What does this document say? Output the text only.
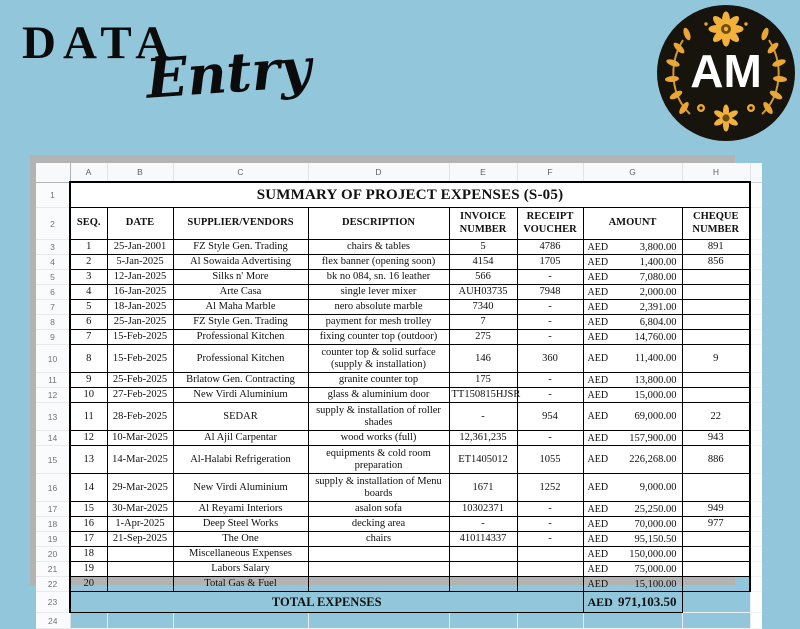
DATA
Entry	AM
	A	B	C	D	E	F	G	H	
1	SUMMARY OF PROJECT EXPENSES (S-05)								
2	SEQ.	DATE	SUPPLIER/VENDORS	DESCRIPTION	INVOICE NUMBER	RECEIPT VOUCHER	AMOUNT	CHEQUE NUMBER	
3	1	25-Jan-2001	FZ Style Gen. Trading	chairs & tables	5	4786	AED 3,800.00	891	
4	2	5-Jan-2025	Al Sowaida Advertising	flex banner (opening soon)	4154	1705	AED 1,400.00	856	
5	3	12-Jan-2025	Silks n' More	bk no 084, sn. 16 leather	566	-	AED 7,080.00		

6	4	16-Jan-2025	Arte Casa	single lever mixer	AUH03735	7948	AED 2,000.00		

7	5	18-Jan-2025	Al Maha Marble	nero absolute marble	7340	-	AED 2,391.00		

8	6	25-Jan-2025	FZ Style Gen. Trading	payment for mesh trolley	7	-	AED 6,804.00		

9	7	15-Feb-2025	Professional Kitchen	fixing counter top (outdoor)	275	-	AED 14,760.00		

10	8	15-Feb-2025	Professional Kitchen	counter top & solid surface (supply & installation)	146	360	AED 11,400.00	9	
11	9	25-Feb-2025	Brlatow Gen. Contracting	granite counter top	175	-	AED 13,800.00		

12	10	27-Feb-2025	New Virdi Aluminium	glass & aluminium door	TT150815HJSR	-	AED 15,000.00		

13	11	28-Feb-2025	SEDAR	supply & installation of roller shades	-	954	AED 69,000.00	22	
14	12	10-Mar-2025	Al Ajil Carpentar	wood works (full)	12,361,235	-	AED 157,900.00	943	
15	13	14-Mar-2025	Al-Halabi Refrigeration	equipments & cold room preparation	ET1405012	1055	AED 226,268.00	886	
16	14	29-Mar-2025	New Virdi Aluminium	supply & installation of Menu boards	1671	1252	AED 9,000.00		

17	15	30-Mar-2025	Al Reyami Interiors	asalon sofa	10302371	-	AED 25,250.00	949	
18	16	1-Apr-2025	Deep Steel Works	decking area	-	-	AED 70,000.00	977	
19	17	21-Sep-2025	The One	chairs	410114337	-	AED 95,150.50		

20	18		Miscellaneous Expenses				AED 150,000.00		

21	19		Labors Salary				AED 75,000.00		

22	20		Total Gas & Fuel				AED 15,100.00		

23	TOTAL EXPENSES						AED 971,103.50		

24									
